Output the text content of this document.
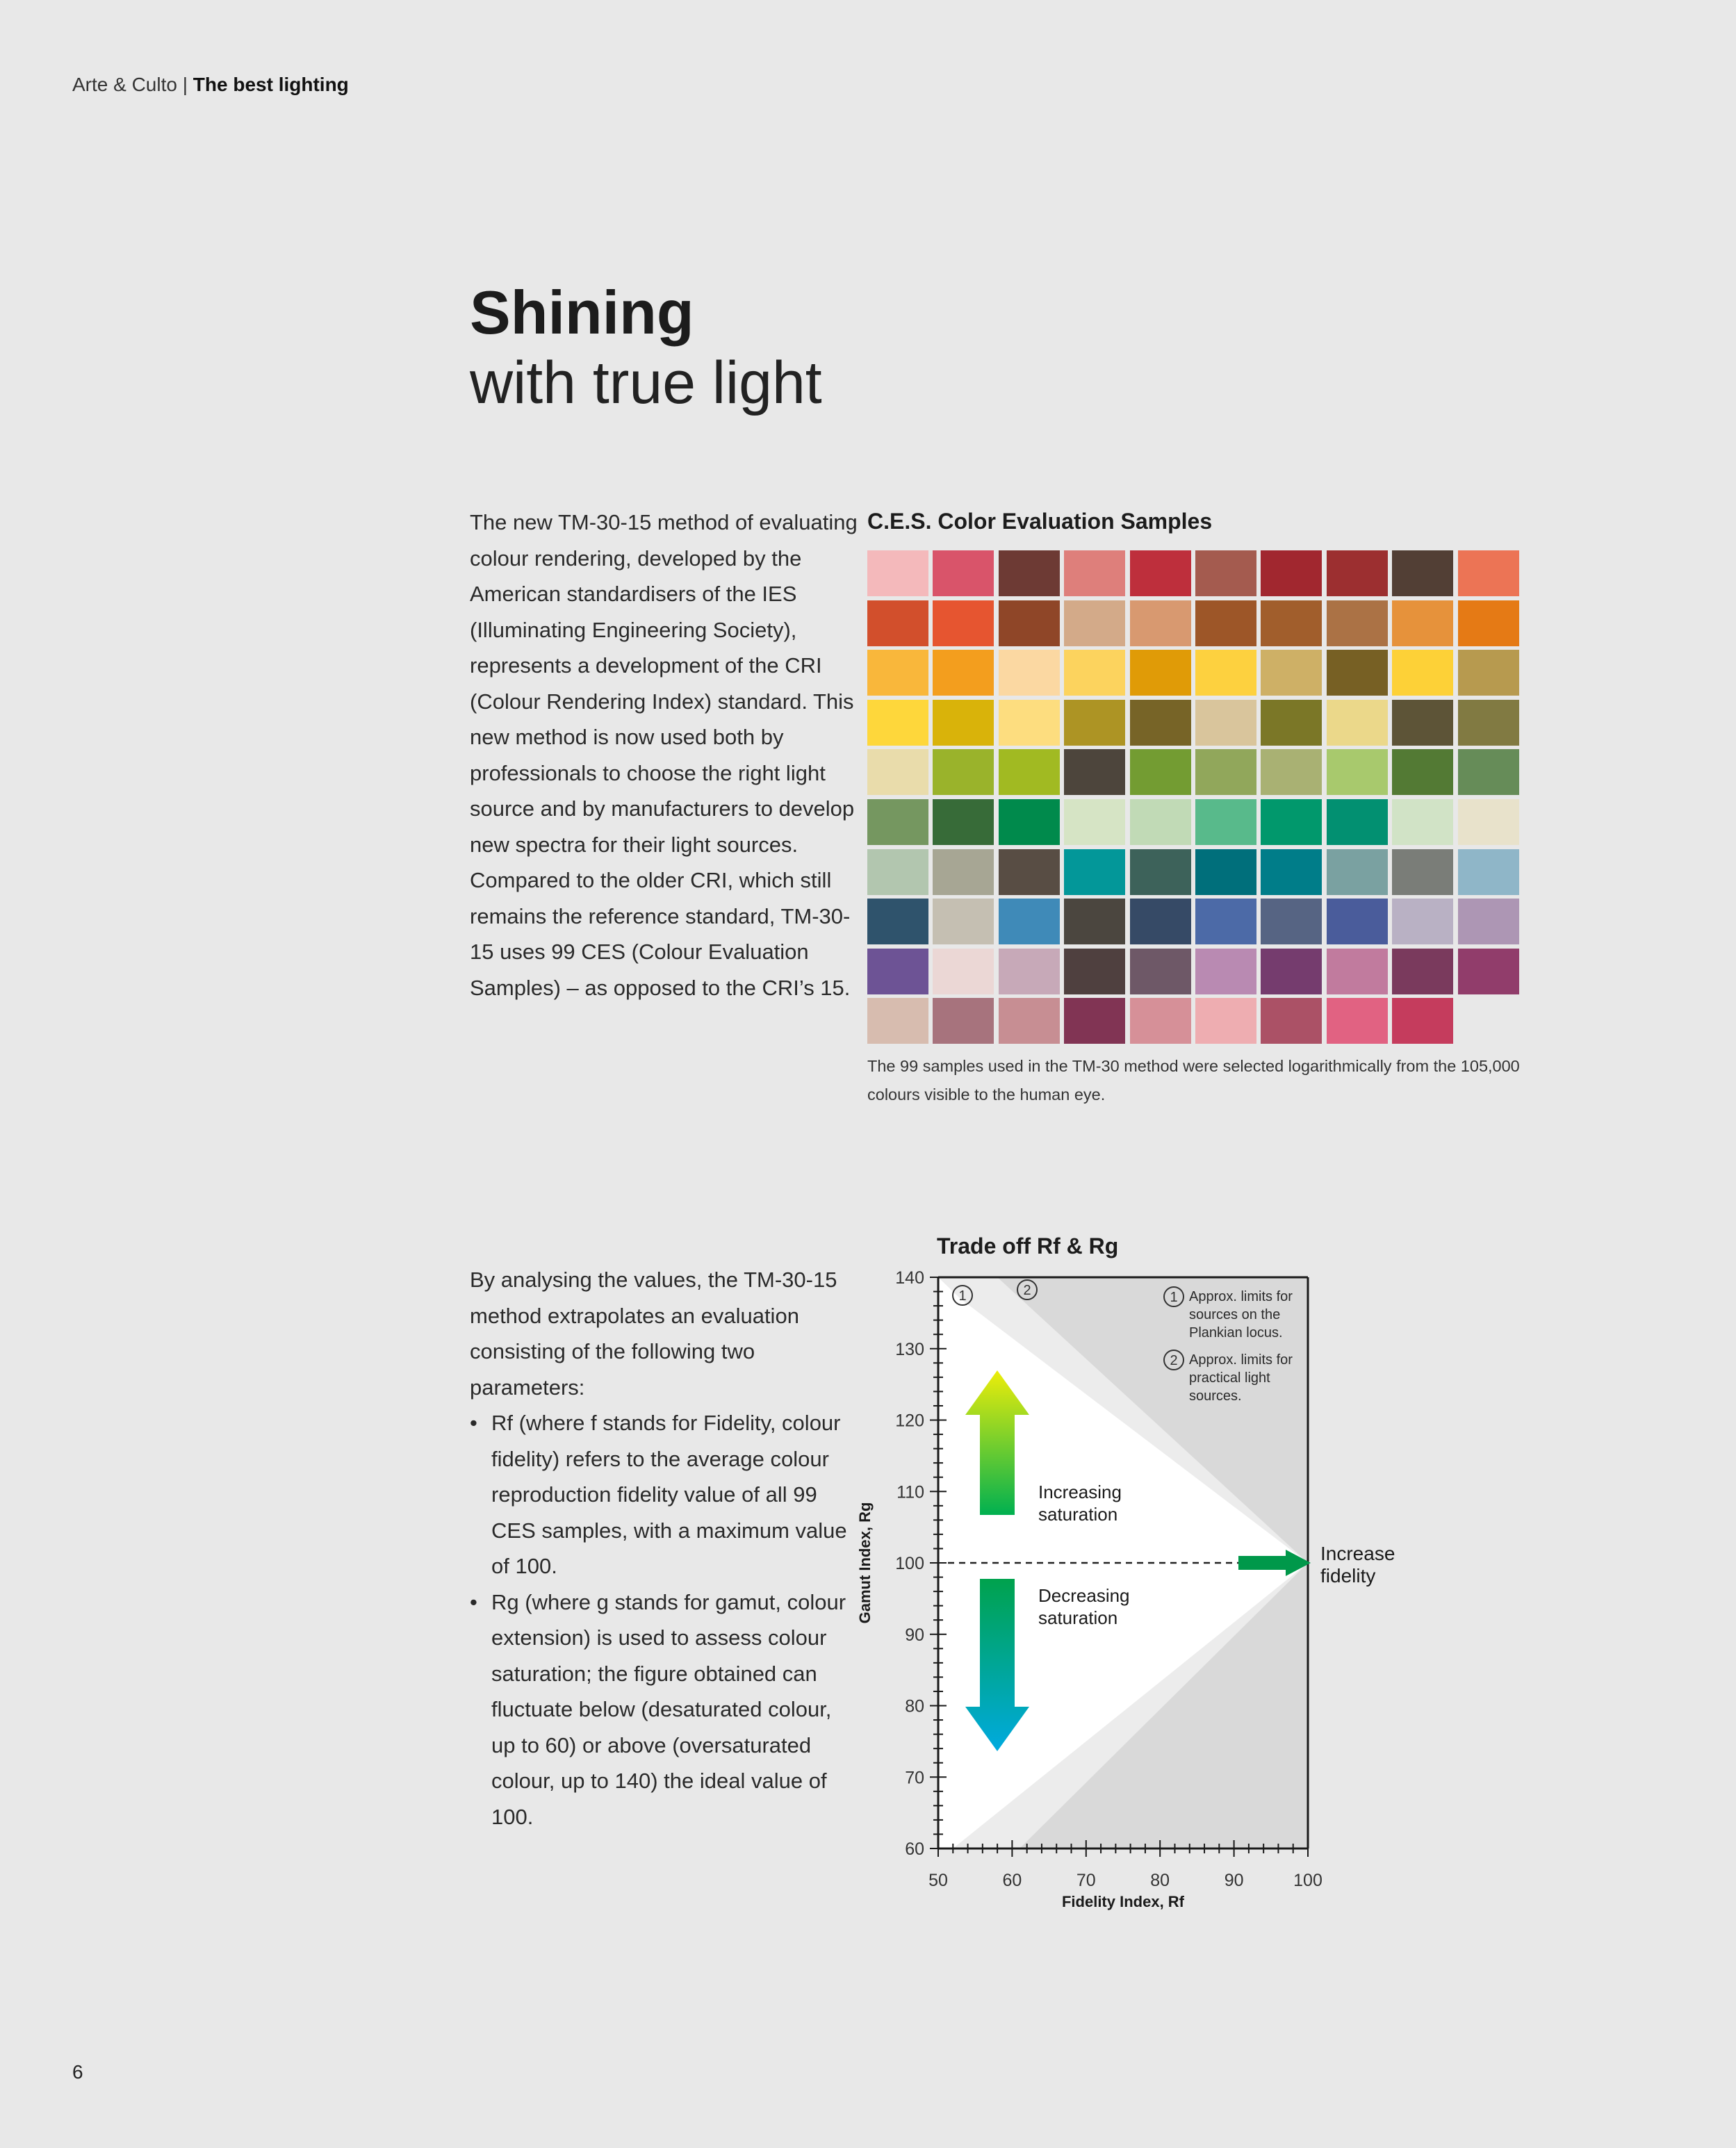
Arte & Culto | The best lighting
Shining
with true light

The new TM-30-15 method of evaluating colour rendering, developed by the American standardisers of the IES (Illuminating Engineering Society), represents a development of the CRI (Colour Rendering Index) standard. This new method is now used both by professionals to choose the right light source and by manufacturers to develop new spectra for their light sources.

Compared to the older CRI, which still remains the reference standard, TM-30-15 uses 99 CES (Colour Evaluation Samples) – as opposed to the CRI’s 15.

C.E.S. Color Evaluation Samples
The 99 samples used in the TM-30 method were selected logarithmically from the 105,000 colours visible to the human eye.

By analysing the values, the TM-30-15 method extrapolates an evaluation consisting of the following two parameters:

• Rf (where f stands for Fidelity, colour fidelity) refers to the average colour reproduction fidelity value of all 99 CES samples, with a maximum value of 100.
• Rg (where g stands for gamut, colour extension) is used to assess colour saturation; the figure obtained can fluctuate below (desaturated colour, up to 60) or above (oversaturated colour, up to 140) the ideal value of 100.
Trade off Rf & Rg
50	60	70	80	90	100
60
70
80
90
100
110
120
130
140
Fidelity Index, Rf
Gamut Index, Rg
Increasing
saturation
Decreasing
saturation
Increase
fidelity
1	2	1
2
Approx. limits for
sources on the
Plankian locus.
Approx. limits for
practical light
sources.
6
